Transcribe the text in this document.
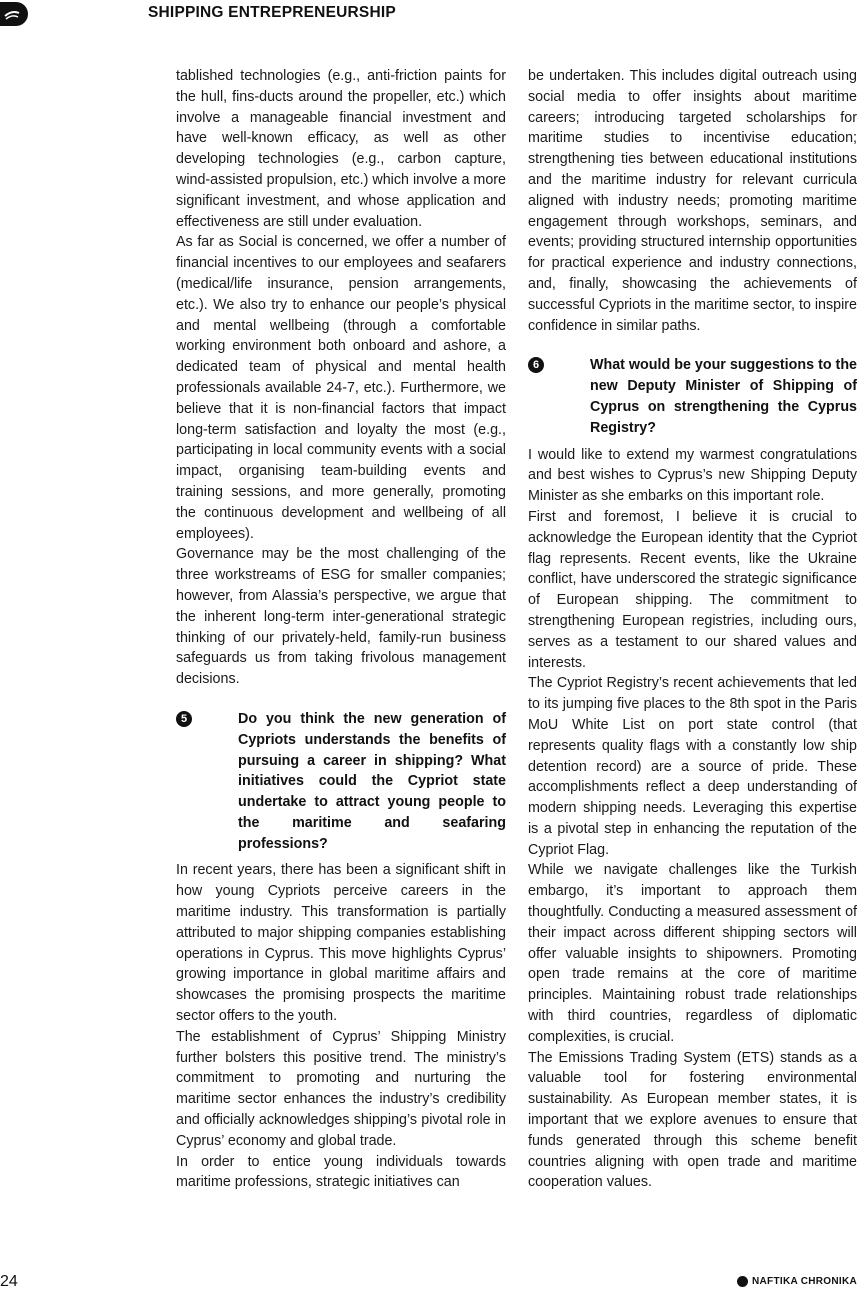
SHIPPING ENTREPRENEURSHIP

tablished technologies (e.g., anti-friction paints for the hull, fins-ducts around the propeller, etc.) which involve a manageable financial investment and have well-known efficacy, as well as other developing technologies (e.g., carbon capture, wind-assisted propulsion, etc.) which involve a more significant investment, and whose application and effectiveness are still under evaluation.

As far as Social is concerned, we offer a number of financial incentives to our employees and seafarers (medical/life insurance, pension arrangements, etc.). We also try to enhance our people’s physical and mental wellbeing (through a comfortable working environment both onboard and ashore, a dedicated team of physical and mental health professionals available 24-7, etc.). Furthermore, we believe that it is non-financial factors that impact long-term satisfaction and loyalty the most (e.g., participating in local community events with a social impact, organising team-building events and training sessions, and more generally, promoting the continuous development and wellbeing of all employees).

Governance may be the most challenging of the three workstreams of ESG for smaller companies; however, from Alassia’s perspective, we argue that the inherent long-term inter-generational strategic thinking of our privately-held, family-run business safeguards us from taking frivolous management decisions.

5	Do you think the new generation of Cypriots understands the benefits of pursuing a career in shipping? What initiatives could the Cypriot state undertake to attract young people to the maritime and seafaring professions?

In recent years, there has been a significant shift in how young Cypriots perceive careers in the maritime industry. This transformation is partially attributed to major shipping companies establishing operations in Cyprus. This move highlights Cyprus’ growing importance in global maritime affairs and showcases the promising prospects the maritime sector offers to the youth.

The establishment of Cyprus’ Shipping Ministry further bolsters this positive trend. The ministry’s commitment to promoting and nurturing the maritime sector enhances the industry’s credibility and officially acknowledges shipping’s pivotal role in Cyprus’ economy and global trade.

In order to entice young individuals towards maritime professions, strategic initiatives can

be undertaken. This includes digital outreach using social media to offer insights about maritime careers; introducing targeted scholarships for maritime studies to incentivise education; strengthening ties between educational institutions and the maritime industry for relevant curricula aligned with industry needs; promoting maritime engagement through workshops, seminars, and events; providing structured internship opportunities for practical experience and industry connections, and, finally, showcasing the achievements of successful Cypriots in the maritime sector, to inspire confidence in similar paths.

6	What would be your suggestions to the new Deputy Minister of Shipping of Cyprus on strengthening the Cyprus Registry?

I would like to extend my warmest congratulations and best wishes to Cyprus’s new Shipping Deputy Minister as she embarks on this important role.

First and foremost, I believe it is crucial to acknowledge the European identity that the Cypriot flag represents. Recent events, like the Ukraine conflict, have underscored the strategic significance of European shipping. The commitment to strengthening European registries, including ours, serves as a testament to our shared values and interests.

The Cypriot Registry’s recent achievements that led to its jumping five places to the 8th spot in the Paris MoU White List on port state control (that represents quality flags with a constantly low ship detention record) are a source of pride. These accomplishments reflect a deep understanding of modern shipping needs. Leveraging this expertise is a pivotal step in enhancing the reputation of the Cypriot Flag.

While we navigate challenges like the Turkish embargo, it’s important to approach them thoughtfully. Conducting a measured assessment of their impact across different shipping sectors will offer valuable insights to shipowners. Promoting open trade remains at the core of maritime principles. Maintaining robust trade relationships with third countries, regardless of diplomatic complexities, is crucial.

The Emissions Trading System (ETS) stands as a valuable tool for fostering environmental sustainability. As European member states, it is important that we explore avenues to ensure that funds generated through this scheme benefit countries aligning with open trade and maritime cooperation values.

24	NAFTIKA CHRONIKA
